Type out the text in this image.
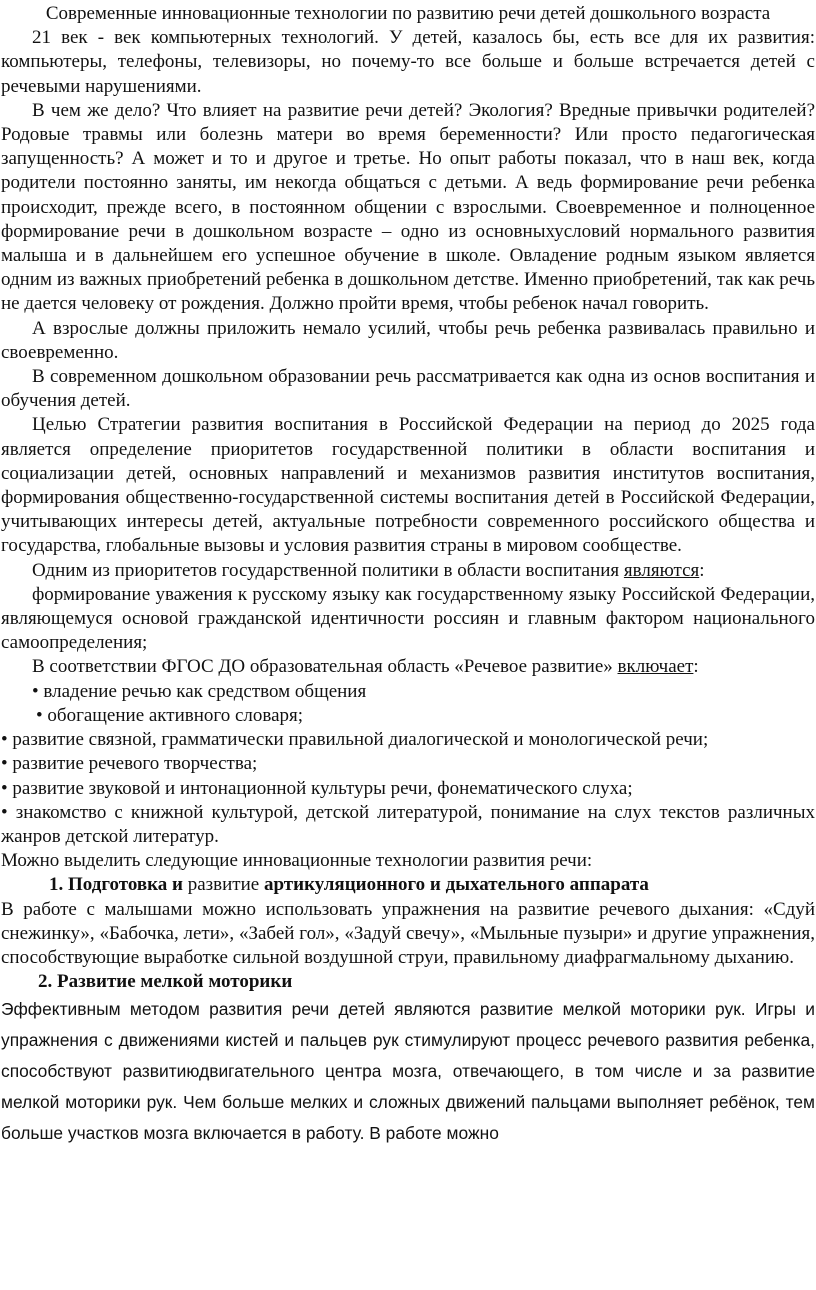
Современные инновационные технологии по развитию речи детей дошкольного возраста

21 век - век компьютерных технологий. У детей, казалось бы, есть все для их развития: компьютеры, телефоны, телевизоры, но почему-то все больше и больше встречается детей с речевыми нарушениями.

В чем же дело? Что влияет на развитие речи детей? Экология? Вредные привычки родителей? Родовые травмы или болезнь матери во время беременности? Или просто педагогическая запущенность? А может и то и другое и третье. Но опыт работы показал, что в наш век, когда родители постоянно заняты, им некогда общаться с детьми. А ведь формирование речи ребенка происходит, прежде всего, в постоянном общении с взрослыми. Своевременное и полноценное формирование речи в дошкольном возрасте – одно из основныхусловий нормального развития малыша и в дальнейшем его успешное обучение в школе. Овладение родным языком является одним из важных приобретений ребенка в дошкольном детстве. Именно приобретений, так как речь не дается человеку от рождения. Должно пройти время, чтобы ребенок начал говорить.

А взрослые должны приложить немало усилий, чтобы речь ребенка развивалась правильно и своевременно.

В современном дошкольном образовании речь рассматривается как одна из основ воспитания и обучения детей.

Целью Стратегии развития воспитания в Российской Федерации на период до 2025 года является определение приоритетов государственной политики в области воспитания и социализации детей, основных направлений и механизмов развития институтов воспитания, формирования общественно-государственной системы воспитания детей в Российской Федерации, учитывающих интересы детей, актуальные потребности современного российского общества и государства, глобальные вызовы и условия развития страны в мировом сообществе.

Одним из приоритетов государственной политики в области воспитания являются:

формирование уважения к русскому языку как государственному языку Российской Федерации, являющемуся основой гражданской идентичности россиян и главным фактором национального самоопределения;

В соответствии ФГОС ДО образовательная область «Речевое развитие» включает:

• владение речью как средством общения

• обогащение активного словаря;

• развитие связной, грамматически правильной диалогической и монологической речи;

• развитие речевого творчества;

• развитие звуковой и интонационной культуры речи, фонематического слуха;

• знакомство с книжной культурой, детской литературой, понимание на слух текстов различных жанров детской литератур.

Можно выделить следующие инновационные технологии развития речи:

1. Подготовка и развитие артикуляционного и дыхательного аппарата

В работе с малышами можно использовать упражнения на развитие речевого дыхания: «Сдуй снежинку», «Бабочка, лети», «Забей гол», «Задуй свечу», «Мыльные пузыри» и другие упражнения, способствующие выработке сильной воздушной струи, правильному диафрагмальному дыханию.

2. Развитие мелкой моторики

Эффективным методом развития речи детей являются развитие мелкой моторики рук. Игры и упражнения с движениями кистей и пальцев рук стимулируют процесс речевого развития ребенка, способствуют развитиюдвигательного центра мозга, отвечающего, в том числе и за развитие мелкой моторики рук. Чем больше мелких и сложных движений пальцами выполняет ребёнок, тем больше участков мозга включается в работу. В работе можно
